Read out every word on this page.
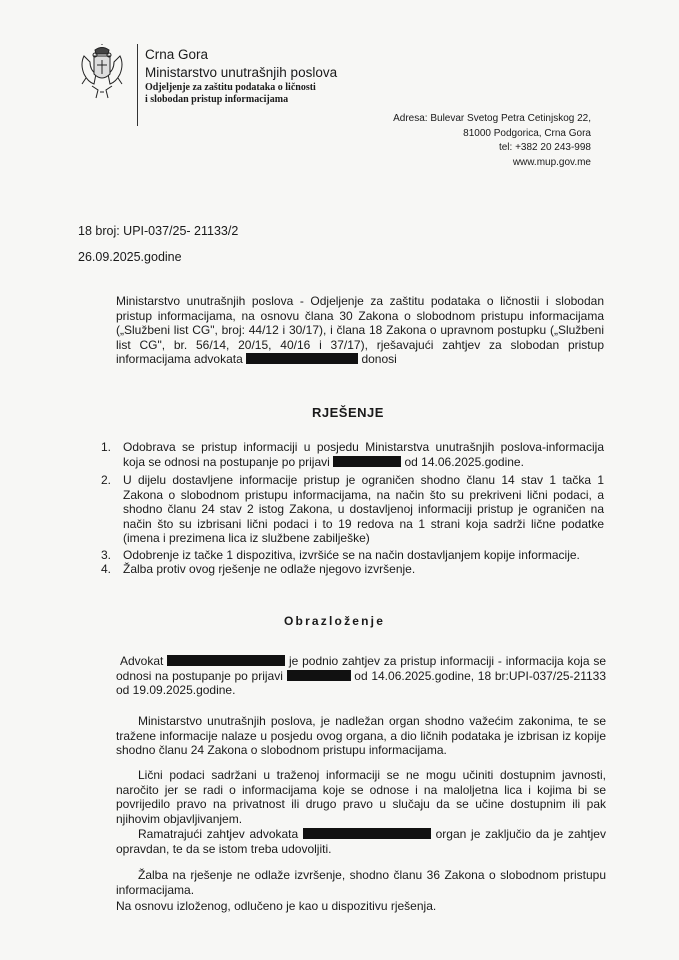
Crna Gora
Ministarstvo unutrašnjih poslova
Odjeljenje za zaštitu podataka o ličnosti
i slobodan pristup informacijama
Adresa: Bulevar Svetog Petra Cetinjskog 22,
81000 Podgorica, Crna Gora
tel: +382 20 243-998
www.mup.gov.me
18 broj: UPI-037/25- 21133/2
26.09.2025.godine
Ministarstvo unutrašnjih poslova - Odjeljenje za zaštitu podataka o ličnostii i slobodan pristup informacijama, na osnovu člana 30 Zakona o slobodnom pristupu informacijama („Službeni list CG", broj: 44/12 i 30/17), i člana 18 Zakona o upravnom postupku („Službeni list CG", br. 56/14, 20/15, 40/16 i 37/17), rješavajući zahtjev za slobodan pristup informacijama advokata	donosi
RJEŠENJE
1. Odobrava se pristup informaciji u posjedu Ministarstva unutrašnjih poslova-informacija koja se odnosi na postupanje po prijavi	od 14.06.2025.godine.
2. U dijelu dostavljene informacije pristup je ograničen shodno članu 14 stav 1 tačka 1 Zakona o slobodnom pristupu informacijama, na način što su prekriveni lični podaci, a shodno članu 24 stav 2 istog Zakona, u dostavljenoj informaciji pristup je ograničen na način što su izbrisani lični podaci i to 19 redova na 1 strani koja sadrži lične podatke (imena i prezimena lica iz službene zabilješke)
3. Odobrenje iz tačke 1 dispozitiva, izvršiće se na način dostavljanjem kopije informacije.
4. Žalba protiv ovog rješenje ne odlaže njegovo izvršenje.
Obrazloženje
Advokat	je podnio zahtjev za pristup informaciji - informacija koja se odnosi na postupanje po prijavi	od 14.06.2025.godine, 18 br:UPI-037/25-21133 od 19.09.2025.godine.
Ministarstvo unutrašnjih poslova, je nadležan organ shodno važećim zakonima, te se tražene informacije nalaze u posjedu ovog organa, a dio ličnih podataka je izbrisan iz kopije shodno članu 24 Zakona o slobodnom pristupu informacijama.
Lični podaci sadržani u traženoj informaciji se ne mogu učiniti dostupnim javnosti, naročito jer se radi o informacijama koje se odnose i na maloljetna lica i kojima bi se povrijedilo pravo na privatnost ili drugo pravo u slučaju da se učine dostupnim ili pak njihovim objavljivanjem.
Ramatrajući zahtjev advokata	organ je zaključio da je zahtjev opravdan, te da se istom treba udovoljiti.
Žalba na rješenje ne odlaže izvršenje, shodno članu 36 Zakona o slobodnom pristupu informacijama.
Na osnovu izloženog, odlučeno je kao u dispozitivu rješenja.
